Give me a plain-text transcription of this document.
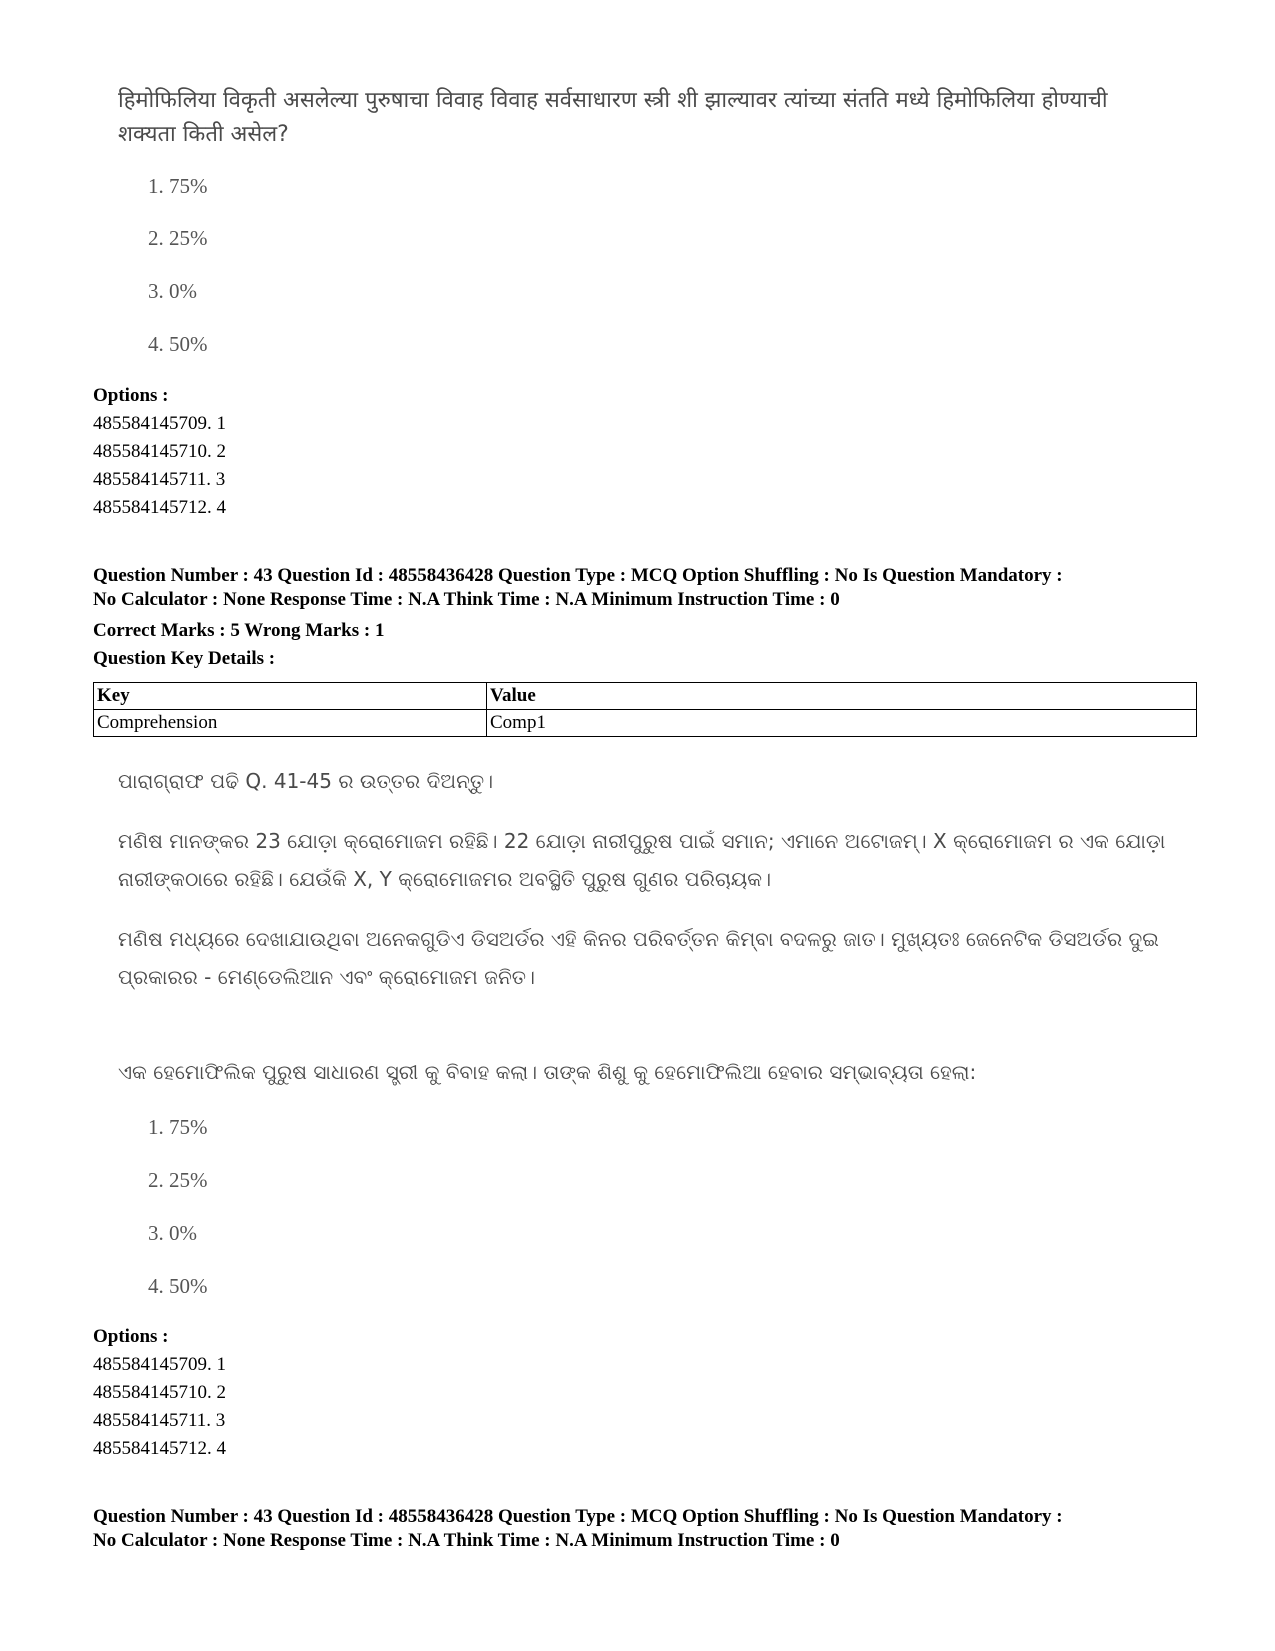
हिमोफिलिया विकृती असलेल्या पुरुषाचा विवाह विवाह सर्वसाधारण स्त्री शी झाल्यावर त्यांच्या संतति मध्ये हिमोफिलिया होण्याची शक्यता किती असेल?
1. 75%
2. 25%
3. 0%
4. 50%
Options :
485584145709. 1
485584145710. 2
485584145711. 3
485584145712. 4
Question Number : 43 Question Id : 48558436428 Question Type : MCQ Option Shuffling : No Is Question Mandatory :
No Calculator : None Response Time : N.A Think Time : N.A Minimum Instruction Time : 0
Correct Marks : 5 Wrong Marks : 1
Question Key Details :
Key	Value
Comprehension	Comp1
ପାରାଗ୍ରାଫ ପଢି Q. 41-45 ର ଉତ୍ତର ଦିଅନ୍ତୁ।
ମଣିଷ ମାନଙ୍କର 23 ଯୋଡ଼ା କ୍ରୋମୋଜମ ରହିଛି। 22 ଯୋଡ଼ା ନାରୀପୁରୁଷ ପାଇଁ ସମାନ; ଏମାନେ ଅଟୋଜମ୍। X କ୍ରୋମୋଜମ ର ଏକ ଯୋଡ଼ା ନାରୀଙ୍କଠାରେ ରହିଛି। ଯେଉଁକି X, Y କ୍ରୋମୋଜମର ଅବସ୍ଥିତି ପୁରୁଷ ଗୁଣର ପରିଚାୟକ।
ମଣିଷ ମଧ୍ୟରେ ଦେଖାଯାଉଥିବା ଅନେକଗୁଡିଏ ଡିସଅର୍ଡର ଏହି କିନର ପରିବର୍ତ୍ତନ କିମ୍ବା ବଦଳରୁ ଜାତ। ମୁଖ୍ୟତଃ ଜେନେଟିକ ଡିସଅର୍ଡର ଦୁଇ ପ୍ରକାରର - ମେଣ୍ଡେଲିଆନ ଏବଂ କ୍ରୋମୋଜମ ଜନିତ।
ଏକ ହେମୋଫିଲିକ ପୁରୁଷ ସାଧାରଣ ସ୍ତ୍ରୀ କୁ ବିବାହ କଲା। ତାଙ୍କ ଶିଶୁ କୁ ହେମୋଫିଲିଆ ହେବାର ସମ୍ଭାବ୍ୟତା ହେଲା:
1. 75%
2. 25%
3. 0%
4. 50%
Options :
485584145709. 1
485584145710. 2
485584145711. 3
485584145712. 4
Question Number : 43 Question Id : 48558436428 Question Type : MCQ Option Shuffling : No Is Question Mandatory :
No Calculator : None Response Time : N.A Think Time : N.A Minimum Instruction Time : 0
